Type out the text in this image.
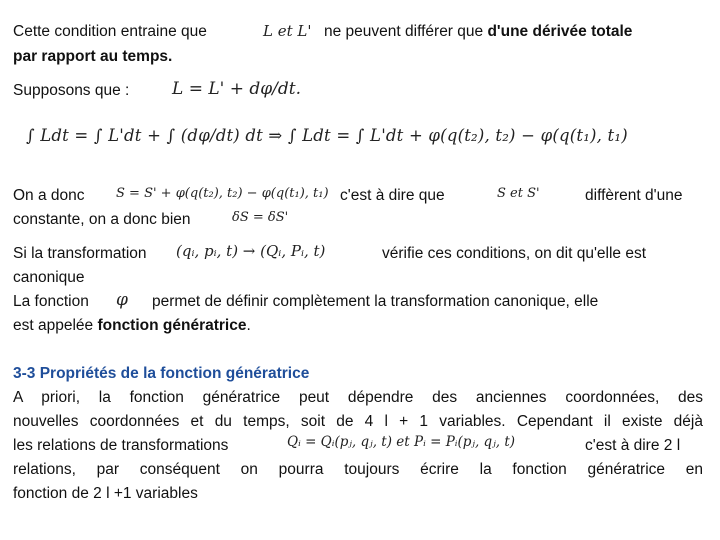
Cette condition entraine que	L et L' ne peuvent différer que d'une dérivée totale
par rapport au temps.
Supposons que :	L = L' + dφ/dt.
∫ Ldt = ∫ L'dt + ∫ (dφ/dt) dt ⇒ ∫ Ldt = ∫ L'dt + φ(q(t₂), t₂) − φ(q(t₁), t₁)
On a donc S = S' + φ(q(t₂), t₂) − φ(q(t₁), t₁) c'est à dire que	S et S'	diffèrent d'une
constante, on a donc bien	δS = δS'
Si la transformation (qᵢ, pᵢ, t) → (Qᵢ, Pᵢ, t)	vérifie ces conditions, on dit qu'elle est
canonique
La fonction φ permet de définir complètement la transformation canonique, elle
est appelée fonction génératrice.
3-3 Propriétés de la fonction génératrice
A priori, la fonction génératrice peut dépendre des anciennes coordonnées, des
nouvelles coordonnées et du temps, soit de 4 l + 1 variables. Cependant il existe déjà
les relations de transformations	Qᵢ = Qᵢ(pⱼ, qⱼ, t) et Pᵢ = Pᵢ(pⱼ, qⱼ, t)	c'est à dire 2 l
relations, par conséquent on pourra toujours écrire la fonction génératrice en
fonction de 2 l +1 variables
